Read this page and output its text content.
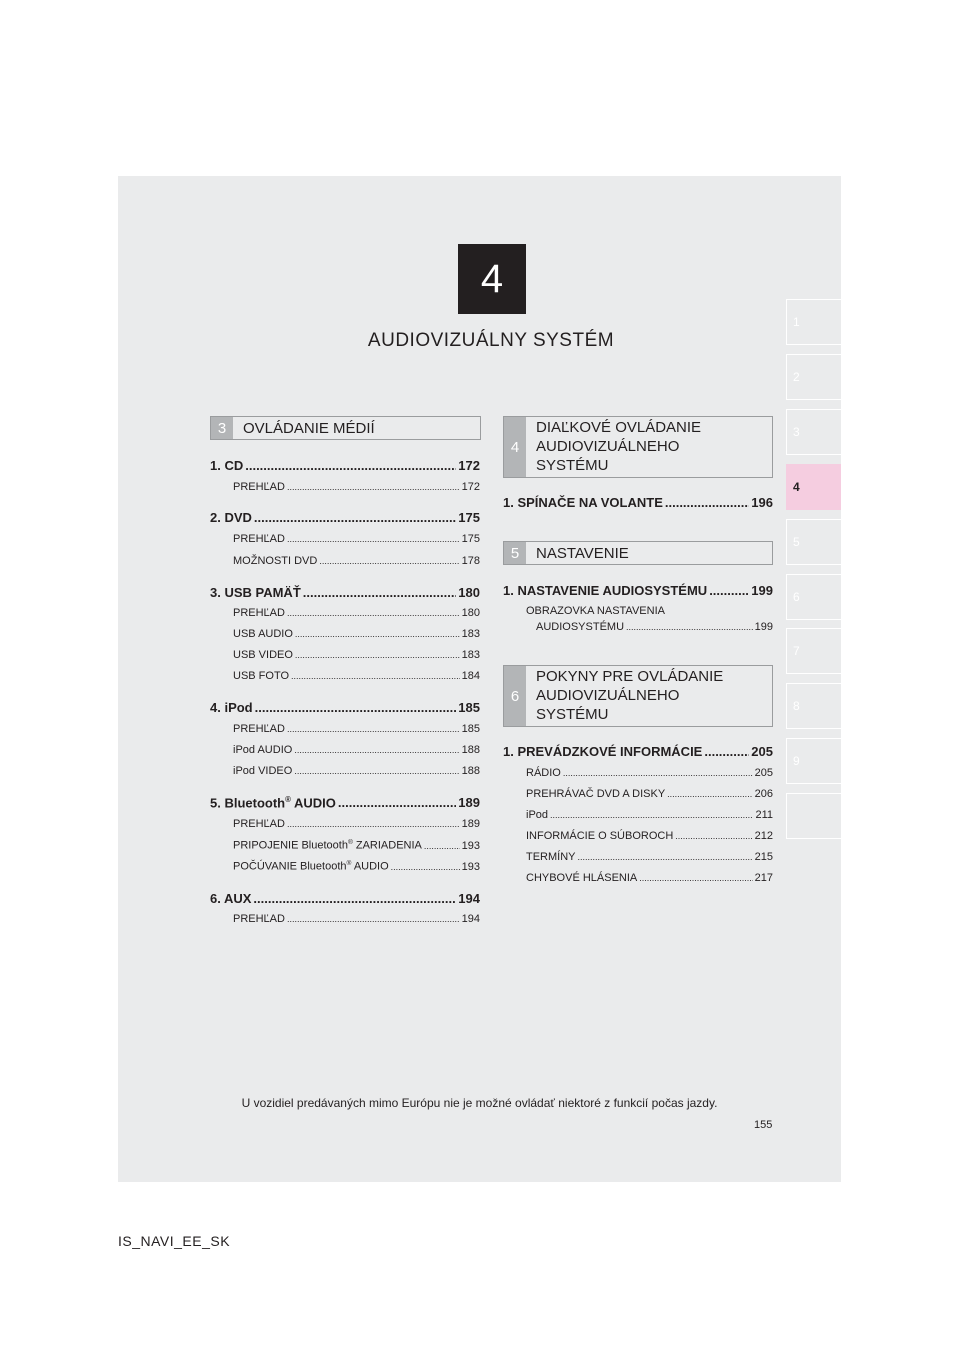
4
AUDIOVIZUÁLNY SYSTÉM
1
2
3
4
5
6
7
8
9
3	OVLÁDANIE MÉDIÍ
1. CD .....	172
PREHĽAD .....	172
2. DVD .....	175
PREHĽAD .....	175
MOŽNOSTI DVD .....	178
3. USB PAMÄŤ .....	180
PREHĽAD .....	180
USB AUDIO .....	183
USB VIDEO .....	183
USB FOTO .....	184
4. iPod .....	185
PREHĽAD .....	185
iPod AUDIO .....	188
iPod VIDEO .....	188
5. Bluetooth® AUDIO .....	189
PREHĽAD .....	189
PRIPOJENIE Bluetooth® ZARIADENIA .....	193
POČÚVANIE Bluetooth® AUDIO .....	193
6. AUX .....	194
PREHĽAD .....	194
4
DIAĽKOVÉ OVLÁDANIE
AUDIOVIZUÁLNEHO
SYSTÉMU
5	NASTAVENIE
6
POKYNY PRE OVLÁDANIE
AUDIOVIZUÁLNEHO
SYSTÉMU
1. SPÍNAČE NA VOLANTE .....	196
1. NASTAVENIE AUDIOSYSTÉMU .....	199
OBRAZOVKA NASTAVENIA
AUDIOSYSTÉMU .....	199
1. PREVÁDZKOVÉ INFORMÁCIE .....	205
RÁDIO .....	205
PREHRÁVAČ DVD A DISKY .....	206
iPod .....	211
INFORMÁCIE O SÚBOROCH .....	212
TERMÍNY .....	215
CHYBOVÉ HLÁSENIA .....	217
U vozidiel predávaných mimo Európu nie je možné ovládať niektoré z funkcií počas jazdy.
155
IS_NAVI_EE_SK
